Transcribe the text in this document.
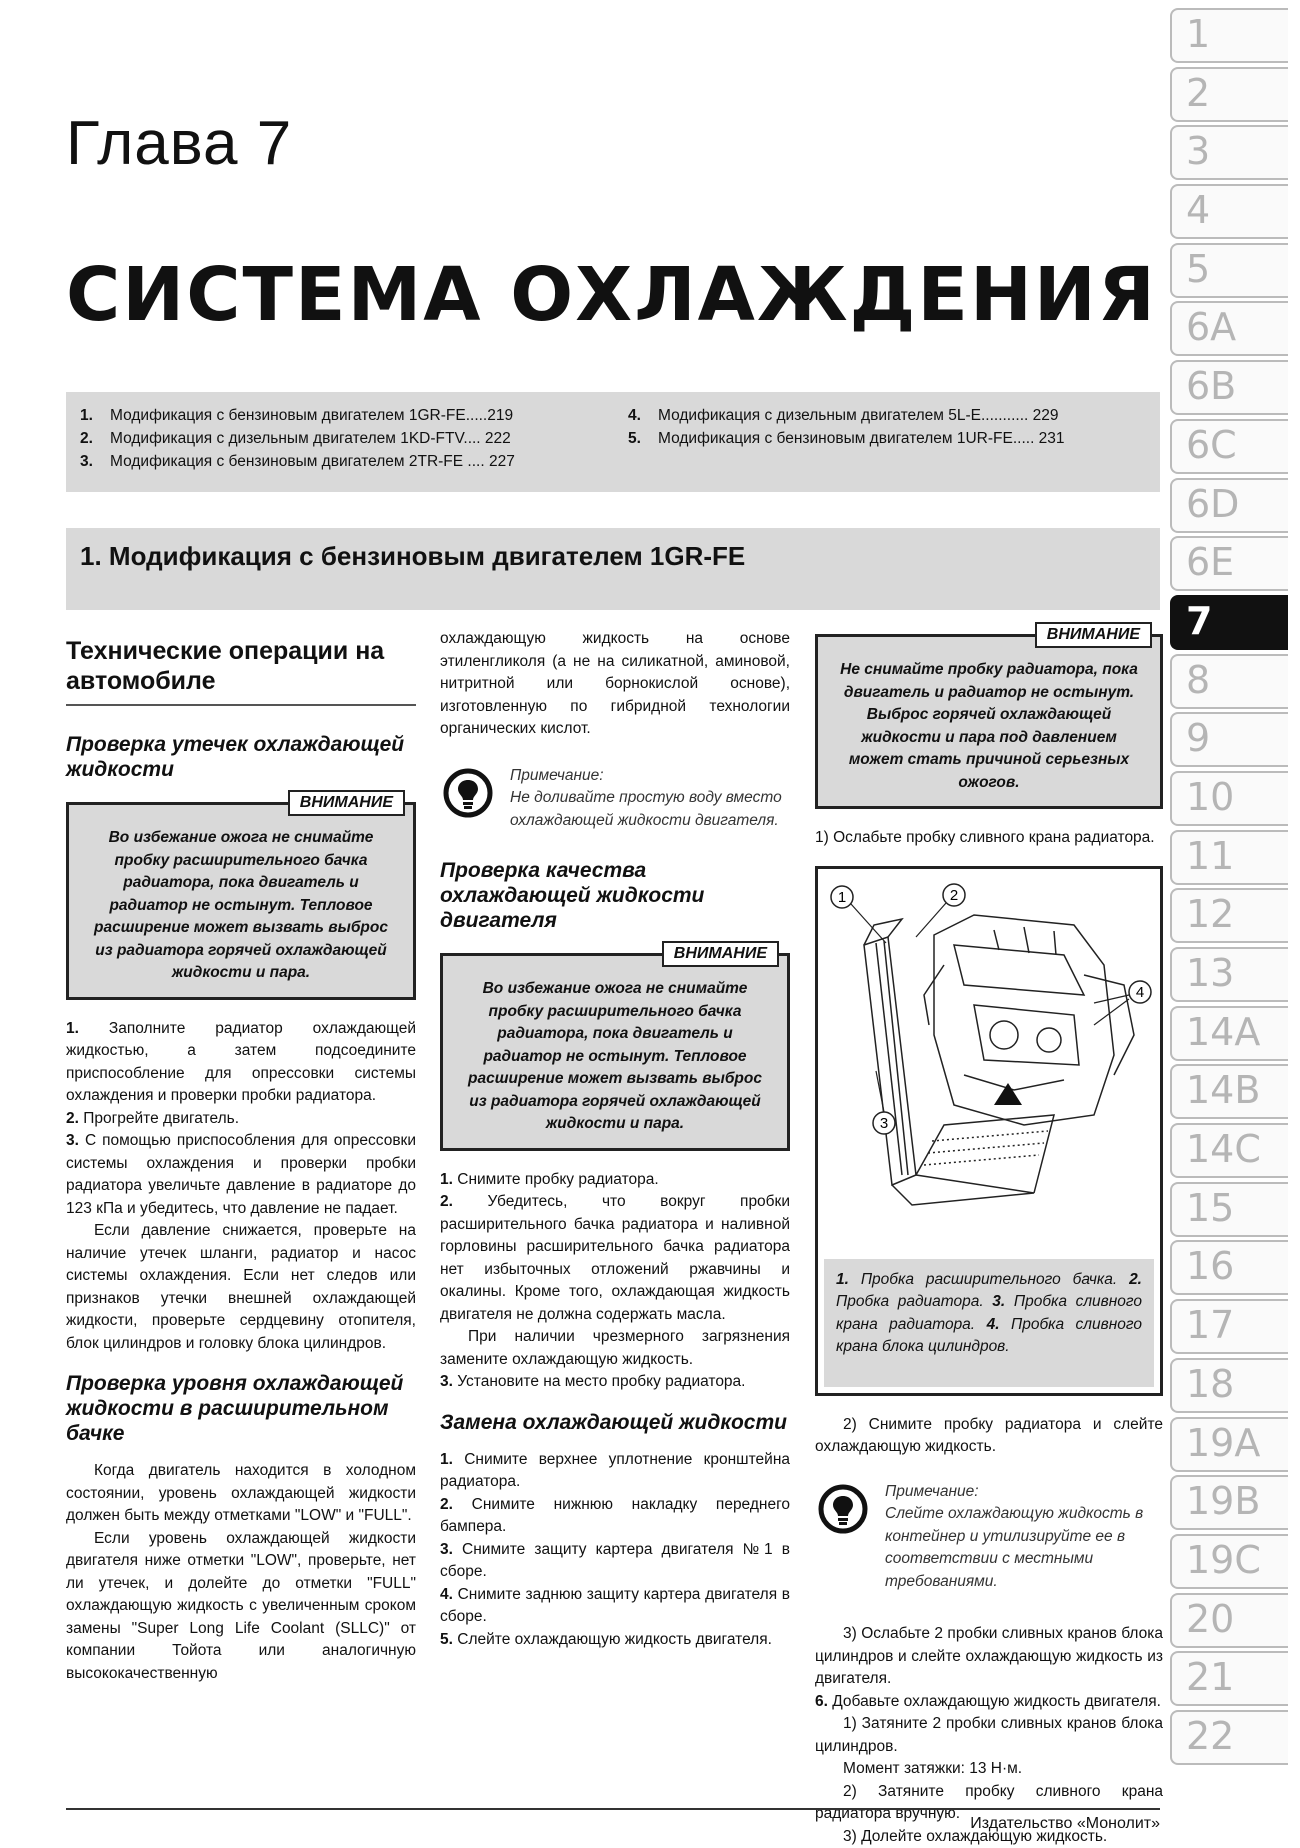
Глава 7
СИСТЕМА ОХЛАЖДЕНИЯ
1. Модификация с бензиновым двигателем 1GR-FE.....219
2. Модификация с дизельным двигателем 1KD-FTV.... 222
3. Модификация с бензиновым двигателем 2TR-FE .... 227
4. Модификация с дизельным двигателем 5L-E........... 229
5. Модификация с бензиновым двигателем 1UR-FE..... 231
1. Модификация с бензиновым двигателем 1GR-FE
Технические операции на автомобиле
Проверка утечек охлаждающей жидкости
ВНИМАНИЕ
Во избежание ожога не снимайте пробку расширительного бачка радиатора, пока двигатель и радиатор не остынут. Тепловое расширение может вызвать выброс из радиатора горячей охлаждающей жидкости и пара.

1. Заполните радиатор охлаждающей жидкостью, а затем подсоедините приспособление для опрессовки системы охлаждения и проверки пробки радиатора.

2. Прогрейте двигатель.

3. С помощью приспособления для опрессовки системы охлаждения и проверки пробки радиатора увеличьте давление в радиаторе до 123 кПа и убедитесь, что давление не падает.

Если давление снижается, проверьте на наличие утечек шланги, радиатор и насос системы охлаждения. Если нет следов или признаков утечки внешней охлаждающей жидкости, проверьте сердцевину отопителя, блок цилиндров и головку блока цилиндров.

Проверка уровня охлаждающей жидкости в расширительном бачке

Когда двигатель находится в холодном состоянии, уровень охлаждающей жидкости должен быть между отметками "LOW" и "FULL".

Если уровень охлаждающей жидкости двигателя ниже отметки "LOW", проверьте, нет ли утечек, и долейте до отметки "FULL" охлаждающую жидкость с увеличенным сроком замены "Super Long Life Coolant (SLLC)" от компании Тойота или аналогичную высококачественную

охлаждающую жидкость на основе этиленгликоля (а не на силикатной, аминовой, нитритной или борнокислой основе), изготовленную по гибридной технологии органических кислот.

Примечание:
Не доливайте простую воду вместо охлаждающей жидкости двигателя.
Проверка качества охлаждающей жидкости двигателя
ВНИМАНИЕ
Во избежание ожога не снимайте пробку расширительного бачка радиатора, пока двигатель и радиатор не остынут. Тепловое расширение может вызвать выброс из радиатора горячей охлаждающей жидкости и пара.

1. Снимите пробку радиатора.

2. Убедитесь, что вокруг пробки расширительного бачка радиатора и наливной горловины расширительного бачка радиатора нет избыточных отложений ржавчины и окалины. Кроме того, охлаждающая жидкость двигателя не должна содержать масла.

При наличии чрезмерного загрязнения замените охлаждающую жидкость.

3. Установите на место пробку радиатора.

Замена охлаждающей жидкости

1. Снимите верхнее уплотнение кронштейна радиатора.

2. Снимите нижнюю накладку переднего бампера.

3. Снимите защиту картера двигателя №1 в сборе.

4. Снимите заднюю защиту картера двигателя в сборе.

5. Слейте охлаждающую жидкость двигателя.

ВНИМАНИЕ
Не снимайте пробку радиатора, пока двигатель и радиатор не остынут. Выброс горячей охлаждающей жидкости и пара под давлением может стать причиной серьезных ожогов.

1) Ослабьте пробку сливного крана радиатора.

1	2
3
4
1. Пробка расширительного бачка. 2. Пробка радиатора. 3. Пробка сливного крана радиатора. 4. Пробка сливного крана блока цилиндров.

2) Снимите пробку радиатора и слейте охлаждающую жидкость.

Примечание:
Слейте охлаждающую жидкость в контейнер и утилизируйте ее в соответствии с местными требованиями.

3) Ослабьте 2 пробки сливных кранов блока цилиндров и слейте охлаждающую жидкость из двигателя.

6. Добавьте охлаждающую жидкость двигателя.

1) Затяните 2 пробки сливных кранов блока цилиндров.

Момент затяжки: 13 Н·м.

2) Затяните пробку сливного крана радиатора вручную.

3) Долейте охлаждающую жидкость.

1
2
3
4
5
6A
6B
6C
6D
6E
7
8
9
10
11
12
13
14A
14B
14C
15
16
17
18
19A
19B
19C
20
21
22
Издательство «Монолит»
